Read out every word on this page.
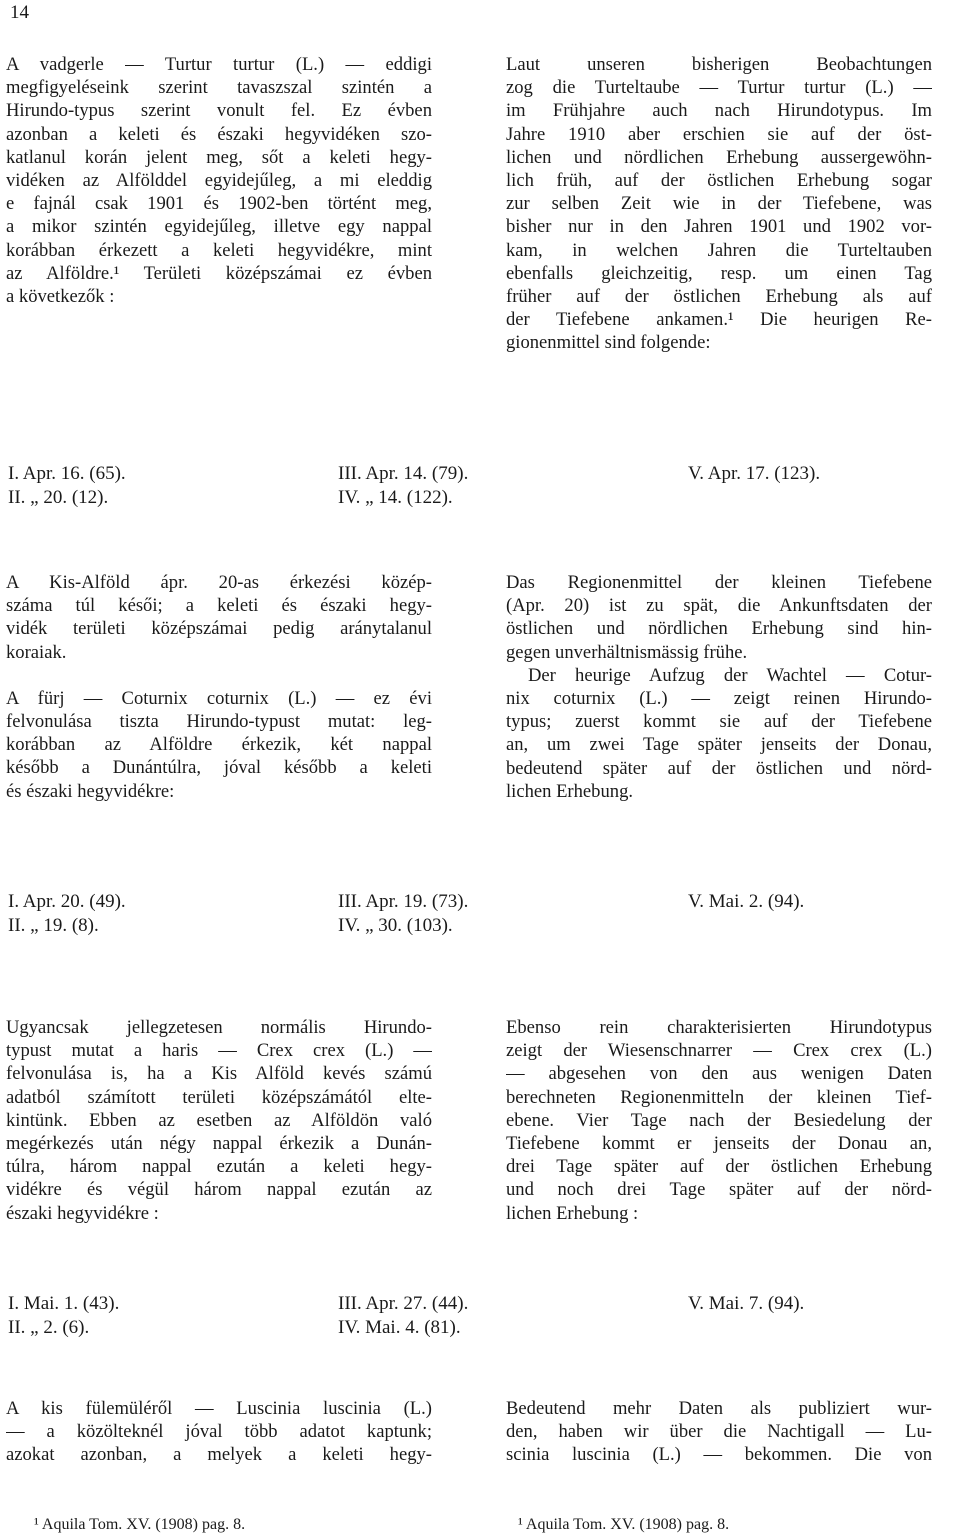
14
A vadgerle — Turtur turtur (L.) — eddigi
megfigyeléseink szerint tavaszszal szintén a
Hirundo-typus szerint vonult fel. Ez évben
azonban a keleti és északi hegyvidéken szo-
katlanul korán jelent meg, sőt a keleti hegy-
vidéken az Alfölddel egyidejűleg, a mi eleddig
e fajnál csak 1901 és 1902-ben történt meg,
a mikor szintén egyidejűleg, illetve egy nappal
korábban érkezett a keleti hegyvidékre, mint
az Alföldre.¹ Területi középszámai ez évben
a következők :
Laut unseren bisherigen Beobachtungen
zog die Turteltaube — Turtur turtur (L.) —
im Frühjahre auch nach Hirundotypus. Im
Jahre 1910 aber erschien sie auf der öst-
lichen und nördlichen Erhebung aussergewöhn-
lich früh, auf der östlichen Erhebung sogar
zur selben Zeit wie in der Tiefebene, was
bisher nur in den Jahren 1901 und 1902 vor-
kam, in welchen Jahren die Turteltauben
ebenfalls gleichzeitig, resp. um einen Tag
früher auf der östlichen Erhebung als auf
der Tiefebene ankamen.¹ Die heurigen Re-
gionenmittel sind folgende:
I. Apr. 16. (65).	III. Apr. 14. (79).	V. Apr. 17. (123).
II. „ 20. (12).	IV. „ 14. (122).
A Kis-Alföld ápr. 20-as érkezési közép-
száma túl késői; a keleti és északi hegy-
vidék területi középszámai pedig aránytalanul
koraiak.
A fürj — Coturnix coturnix (L.) — ez évi
felvonulása tiszta Hirundo-typust mutat: leg-
korábban az Alföldre érkezik, két nappal
később a Dunántúlra, jóval később a keleti
és északi hegyvidékre:
Das Regionenmittel der kleinen Tiefebene
(Apr. 20) ist zu spät, die Ankunftsdaten der
östlichen und nördlichen Erhebung sind hin-
gegen unverhältnismässig frühe.
Der heurige Aufzug der Wachtel — Cotur-
nix coturnix (L.) — zeigt reinen Hirundo-
typus; zuerst kommt sie auf der Tiefebene
an, um zwei Tage später jenseits der Donau,
bedeutend später auf der östlichen und nörd-
lichen Erhebung.
I. Apr. 20. (49).	III. Apr. 19. (73).	V. Mai. 2. (94).
II. „ 19. (8).	IV. „ 30. (103).
Ugyancsak jellegzetesen normális Hirundo-
typust mutat a haris — Crex crex (L.) —
felvonulása is, ha a Kis Alföld kevés számú
adatból számított területi középszámától elte-
kintünk. Ebben az esetben az Alföldön való
megérkezés után négy nappal érkezik a Dunán-
túlra, három nappal ezután a keleti hegy-
vidékre és végül három nappal ezután az
északi hegyvidékre :
Ebenso rein charakterisierten Hirundotypus
zeigt der Wiesenschnarrer — Crex crex (L.)
— abgesehen von den aus wenigen Daten
berechneten Regionenmitteln der kleinen Tief-
ebene. Vier Tage nach der Besiedelung der
Tiefebene kommt er jenseits der Donau an,
drei Tage später auf der östlichen Erhebung
und noch drei Tage später auf der nörd-
lichen Erhebung :
I. Mai. 1. (43).	III. Apr. 27. (44).	V. Mai. 7. (94).
II. „ 2. (6).	IV. Mai. 4. (81).
A kis fülemüléről — Luscinia luscinia (L.)
— a közölteknél jóval több adatot kaptunk;
azokat azonban, a melyek a keleti hegy-
Bedeutend mehr Daten als publiziert wur-
den, haben wir über die Nachtigall — Lu-
scinia luscinia (L.) — bekommen. Die von
¹ Aquila Tom. XV. (1908) pag. 8.	¹ Aquila Tom. XV. (1908) pag. 8.
